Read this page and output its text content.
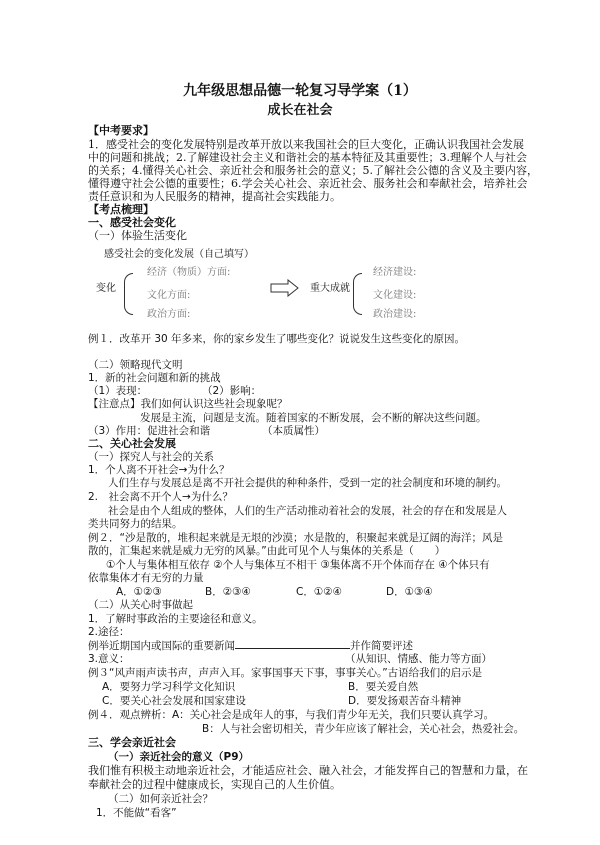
九年级思想品德一轮复习导学案（1）
成长在社会
【中考要求】
1．感受社会的变化发展特别是改革开放以来我国社会的巨大变化，正确认识我国社会发展
中的问题和挑战；2.了解建设社会主义和谐社会的基本特征及其重要性；3.理解个人与社会
的关系；4.懂得关心社会、亲近社会和服务社会的意义；5.了解社会公德的含义及主要内容，
懂得遵守社会公德的重要性；6.学会关心社会、亲近社会、服务社会和奉献社会，培养社会
责任意识和为人民服务的精神，提高社会实践能力。
【考点梳理】
一、感受社会变化
（一）体验生活变化
感受社会的变化发展（自己填写）
变化
经济（物质）方面:
文化方面:
政治方面:
重大成就
经济建设:
文化建设:
政治建设:
例１．改革开 30 年多来，你的家乡发生了哪些变化？说说发生这些变化的原因。
（二）领略现代文明
1．新的社会问题和新的挑战
（1）表现：	（2）影响：
【注意点】我们如何认识这些社会现象呢？
发展是主流，问题是支流。随着国家的不断发展，会不断的解决这些问题。
（3）作用：促进社会和谐	（本质属性）
二、关心社会发展
（一）探究人与社会的关系
1．个人离不开社会→为什么？
人们生存与发展总是离不开社会提供的种种条件，受到一定的社会制度和环境的制约。
2.　社会离不开个人→为什么？
社会是由个人组成的整体，人们的生产活动推动着社会的发展，社会的存在和发展是人
类共同努力的结果。
例２．“沙是散的，堆积起来就是无垠的沙漠；水是散的，积聚起来就是辽阔的海洋；风是
散的，汇集起来就是威力无穷的风暴。”由此可见个人与集体的关系是（　　）
①个人与集体相互依存 ②个人与集体互不相干 ③集体离不开个体而存在 ④个体只有
依靠集体才有无穷的力量
A．①②③	B．②③④	C．①②④	D．①③④
（二）从关心时事做起
1．了解时事政治的主要途径和意义。
2.途径：
例举近期国内或国际的重要新闻	并作简要评述
3.意义：	（从知识、情感、能力等方面）
例３“风声雨声读书声，声声入耳。家事国事天下事，事事关心。”古语给我们的启示是
A．要努力学习科学文化知识	B．要关爱自然
C．要关心社会发展和国家建设	D．要发扬艰苦奋斗精神
例４．观点辨析：A：关心社会是成年人的事，与我们青少年无关，我们只要认真学习。
B：人与社会密切相关，青少年应该了解社会，关心社会，热爱社会。
三、学会亲近社会
（一）亲近社会的意义（P9）
我们惟有积极主动地亲近社会，才能适应社会、融入社会，才能发挥自己的智慧和力量，在
奉献社会的过程中健康成长，实现自己的人生价值。
（二）如何亲近社会？
1．不能做“看客”
